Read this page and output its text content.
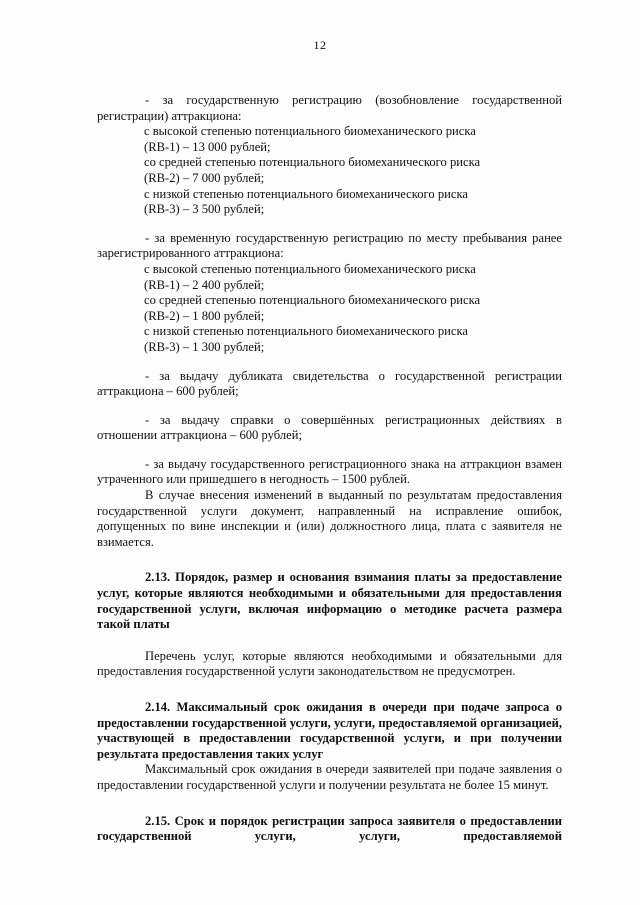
12

- за государственную регистрацию (возобновление государственной регистрации) аттракциона:

с высокой степенью потенциального биомеханического риска
(RB-1) – 13 000 рублей;
со средней степенью потенциального биомеханического риска
(RB-2) – 7 000 рублей;
с низкой степенью потенциального биомеханического риска
(RB-3) – 3 500 рублей;

- за временную государственную регистрацию по месту пребывания ранее зарегистрированного аттракциона:

с высокой степенью потенциального биомеханического риска
(RB-1) – 2 400 рублей;
со средней степенью потенциального биомеханического риска
(RB-2) – 1 800 рублей;
с низкой степенью потенциального биомеханического риска
(RB-3) – 1 300 рублей;

- за выдачу дубликата свидетельства о государственной регистрации аттракциона – 600 рублей;

- за выдачу справки о совершённых регистрационных действиях в отношении аттракциона – 600 рублей;

- за выдачу государственного регистрационного знака на аттракцион взамен утраченного или пришедшего в негодность – 1500 рублей.

В случае внесения изменений в выданный по результатам предоставления государственной услуги документ, направленный на исправление ошибок, допущенных по вине инспекции и (или) должностного лица, плата с заявителя не взимается.

2.13. Порядок, размер и основания взимания платы за предоставление услуг, которые являются необходимыми и обязательными для предоставления государственной услуги, включая информацию о методике расчета размера такой платы

Перечень услуг, которые являются необходимыми и обязательными для предоставления государственной услуги законодательством не предусмотрен.

2.14. Максимальный срок ожидания в очереди при подаче запроса о предоставлении государственной услуги, услуги, предоставляемой организацией, участвующей в предоставлении государственной услуги, и при получении результата предоставления таких услуг

Максимальный срок ожидания в очереди заявителей при подаче заявления о предоставлении государственной услуги и получении результата не более 15 минут.

2.15. Срок и порядок регистрации запроса заявителя о предоставлении государственной услуги, услуги, предоставляемой
